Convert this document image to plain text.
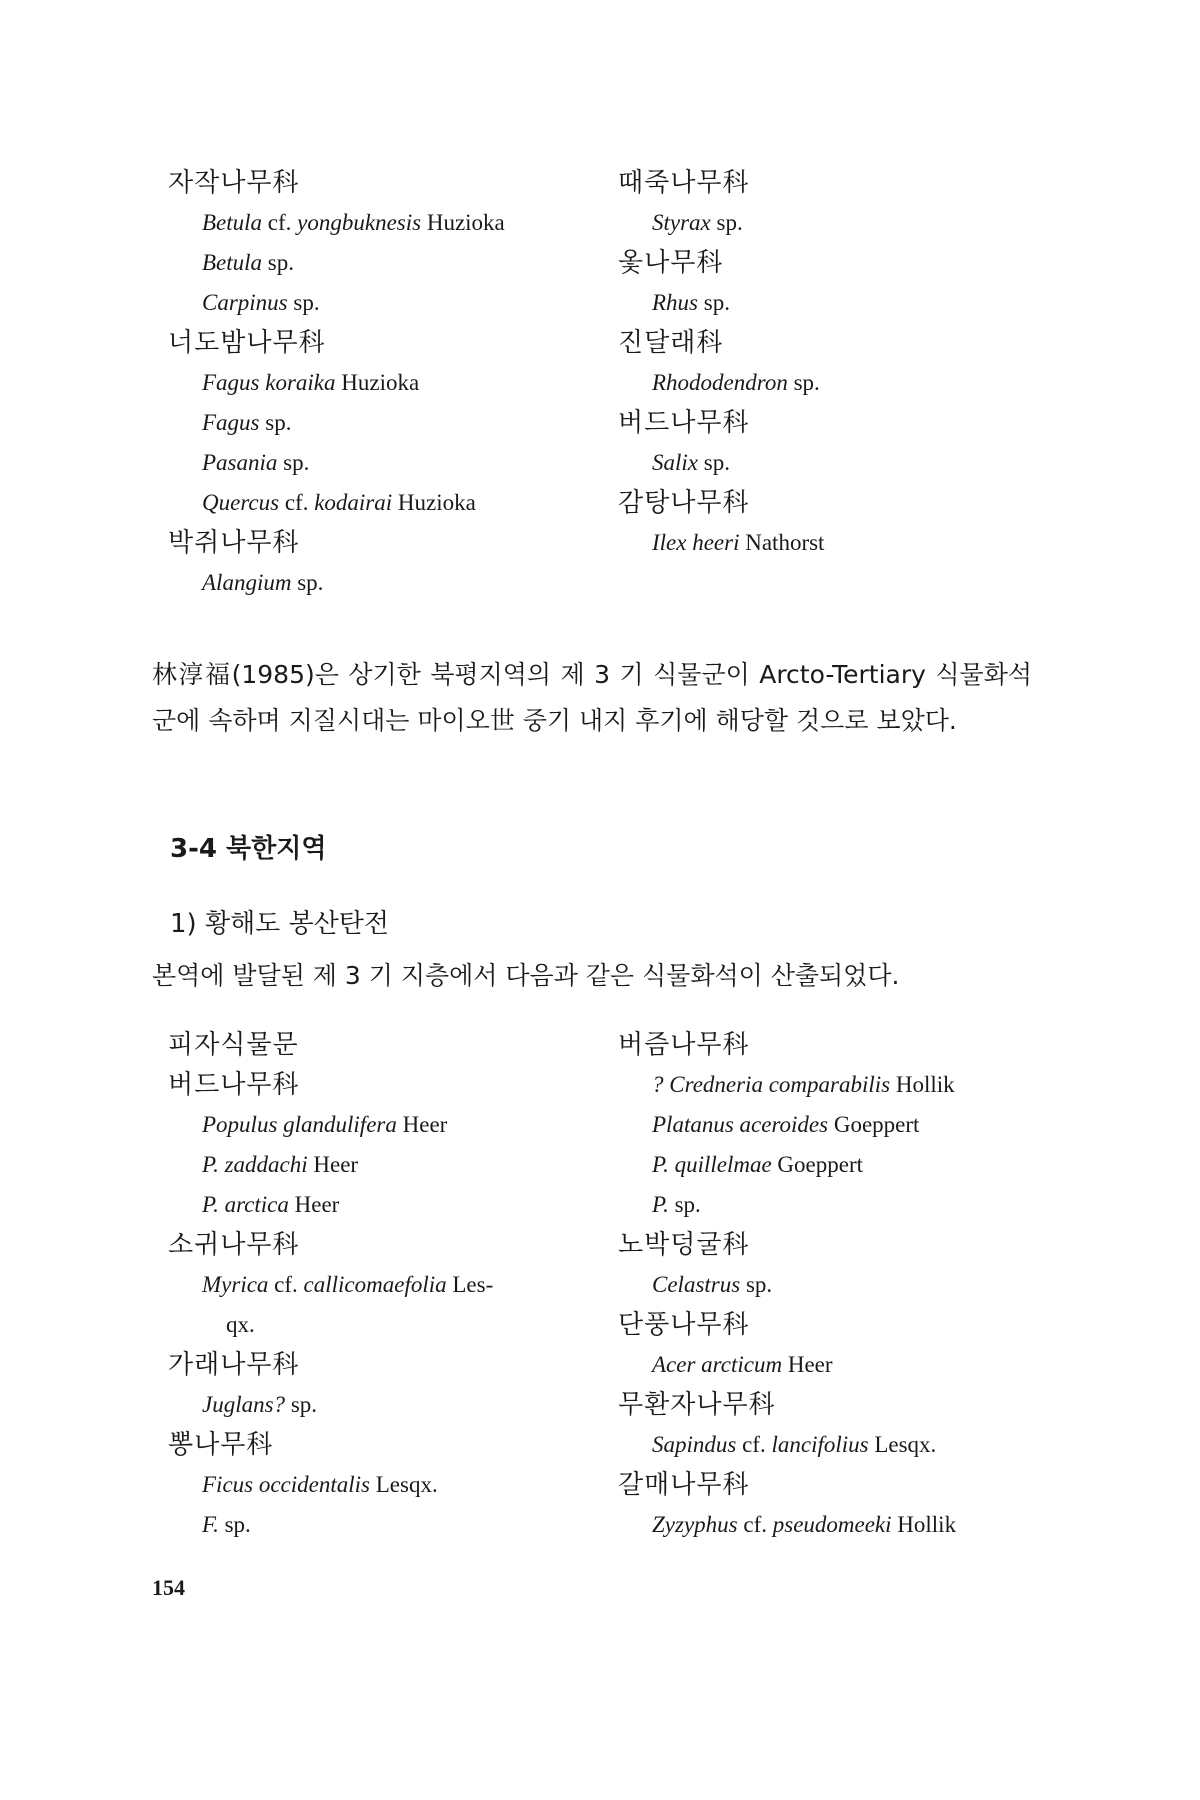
자작나무科
Betula cf. yongbuknesis Huzioka
Betula sp.
Carpinus sp.
너도밤나무科
Fagus koraika Huzioka
Fagus sp.
Pasania sp.
Quercus cf. kodairai Huzioka
박쥐나무科
Alangium sp.
때죽나무科
Styrax sp.
옻나무科
Rhus sp.
진달래科
Rhododendron sp.
버드나무科
Salix sp.
감탕나무科
Ilex heeri Nathorst
林淳福(1985)은 상기한 북평지역의 제 3 기 식물군이 Arcto-Tertiary 식물화석군에 속하며 지질시대는 마이오世 중기 내지 후기에 해당할 것으로 보았다.
3-4 북한지역
1) 황해도 봉산탄전
본역에 발달된 제 3 기 지층에서 다음과 같은 식물화석이 산출되었다.
피자식물문
버드나무科
Populus glandulifera Heer
P. zaddachi Heer
P. arctica Heer
소귀나무科
Myrica cf. callicomaefolia Les-
qx.
가래나무科
Juglans? sp.
뽕나무科
Ficus occidentalis Lesqx.
F. sp.
버즘나무科
? Credneria comparabilis Hollik
Platanus aceroides Goeppert
P. quillelmae Goeppert
P. sp.
노박덩굴科
Celastrus sp.
단풍나무科
Acer arcticum Heer
무환자나무科
Sapindus cf. lancifolius Lesqx.
갈매나무科
Zyzyphus cf. pseudomeeki Hollik
154
